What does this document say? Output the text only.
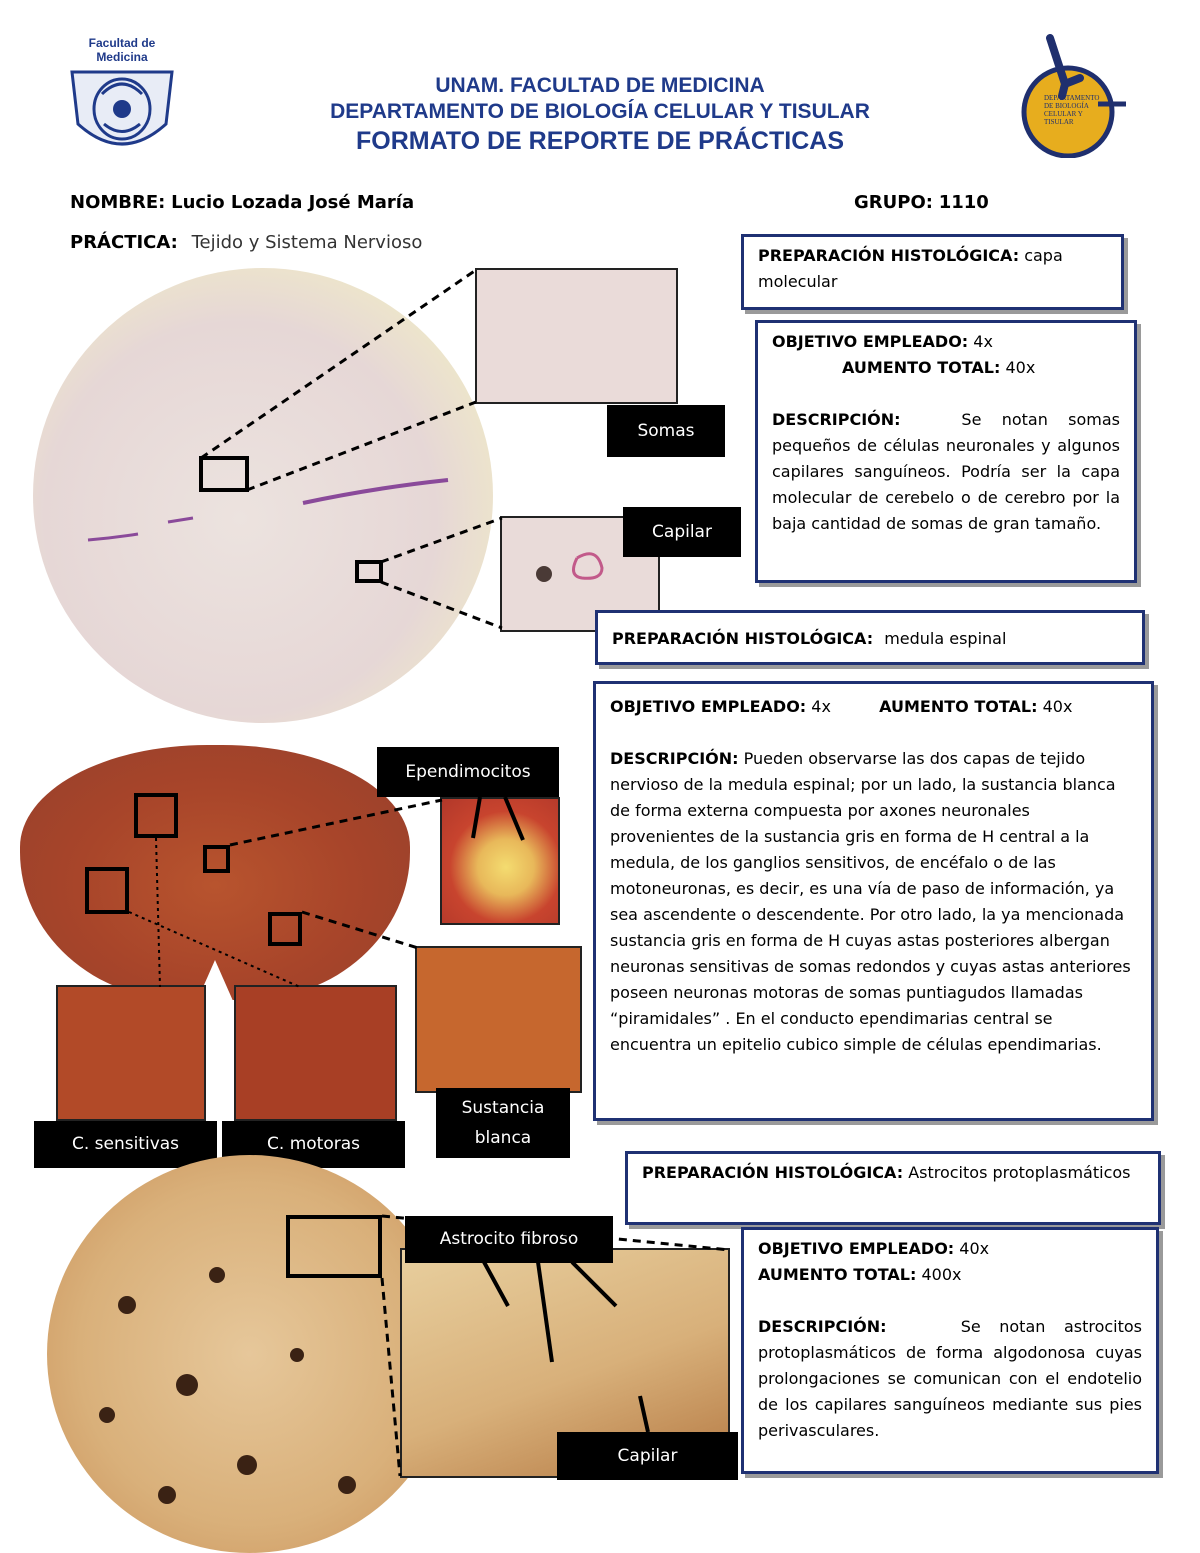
Facultad de Medicina
UNAM. FACULTAD DE MEDICINA
DEPARTAMENTO DE BIOLOGÍA CELULAR Y TISULAR
FORMATO DE REPORTE DE PRÁCTICAS
DEPARTAMENTO DE BIOLOGÍA CELULAR Y TISULAR
NOMBRE: Lucio Lozada José María	GRUPO: 1110
PRÁCTICA: Tejido y Sistema Nervioso
Somas
Capilar
PREPARACIÓN HISTOLÓGICA: capa molecular
OBJETIVO EMPLEADO: 4x
AUMENTO TOTAL: 40x
DESCRIPCIÓN:	Se notan somas pequeños de células neuronales y algunos capilares sanguíneos. Podría ser la capa molecular de cerebelo o de cerebro por la baja cantidad de somas de gran tamaño.
PREPARACIÓN HISTOLÓGICA: medula espinal
OBJETIVO EMPLEADO: 4x	AUMENTO TOTAL: 40x
DESCRIPCIÓN: Pueden observarse las dos capas de tejido nervioso de la medula espinal; por un lado, la sustancia blanca de forma externa compuesta por axones neuronales provenientes de la sustancia gris en forma de H central a la medula, de los ganglios sensitivos, de encéfalo o de las motoneuronas, es decir, es una vía de paso de información, ya sea ascendente o descendente. Por otro lado, la ya mencionada sustancia gris en forma de H cuyas astas posteriores albergan neuronas sensitivas de somas redondos y cuyas astas anteriores poseen neuronas motoras de somas puntiagudos llamadas “piramidales” . En el conducto ependimarias central se encuentra un epitelio cubico simple de células ependimarias.
Ependimocitos
Sustancia blanca
C. sensitivas	C. motoras
PREPARACIÓN HISTOLÓGICA: Astrocitos protoplasmáticos
OBJETIVO EMPLEADO: 40x
AUMENTO TOTAL: 400x
DESCRIPCIÓN:	Se notan astrocitos protoplasmáticos de forma algodonosa cuyas prolongaciones se comunican con el endotelio de los capilares sanguíneos mediante sus pies perivasculares.
Astrocito fibroso
Capilar
